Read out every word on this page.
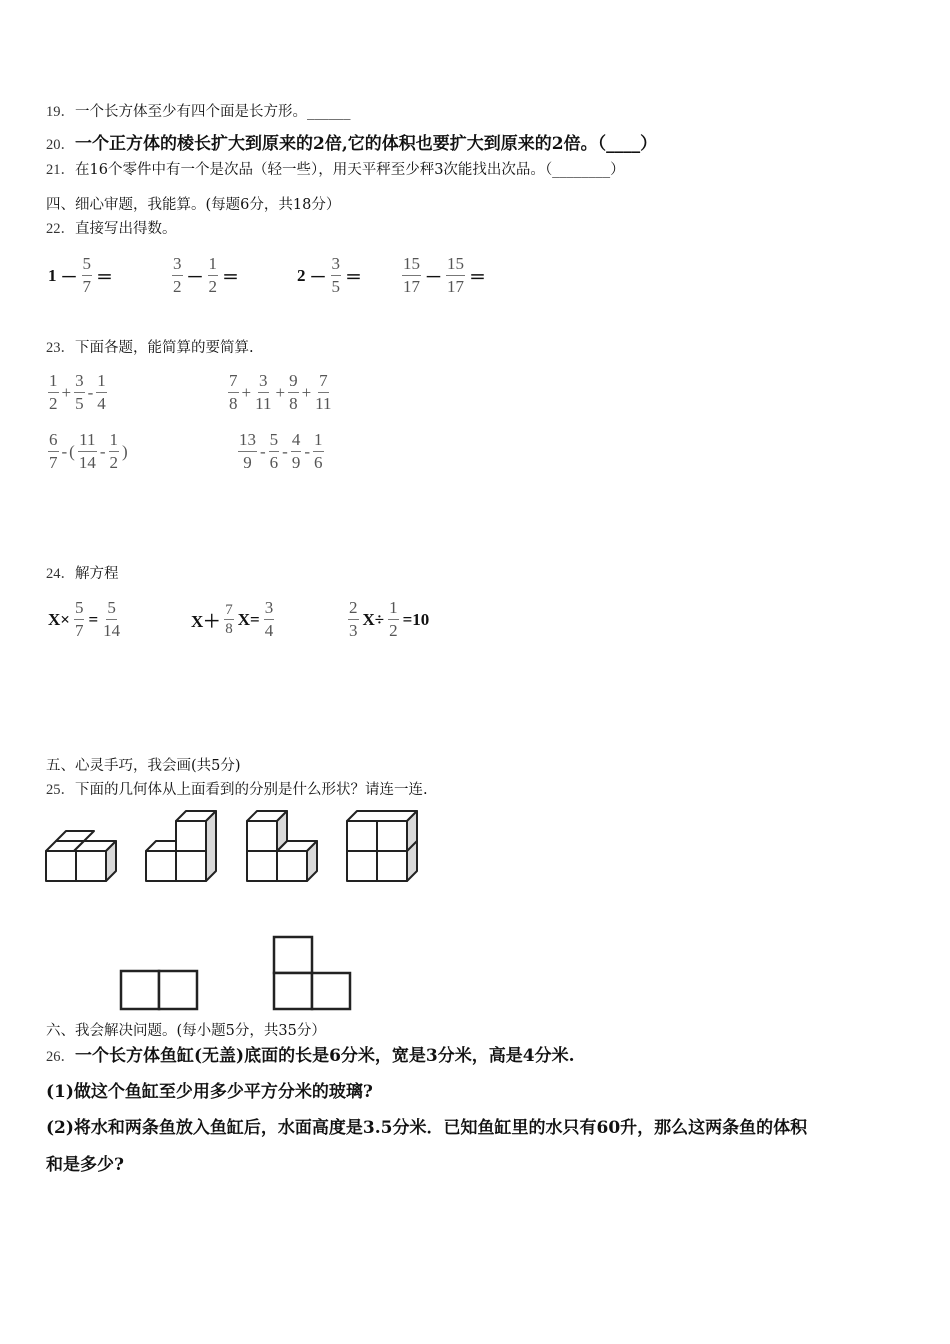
19．一个长方体至少有四个面是长方形。______
20．一个正方体的棱长扩大到原来的2倍,它的体积也要扩大到原来的2倍。（____）
21．在16个零件中有一个是次品（轻一些），用天平秤至少秤3次能找出次品。（________）
四、细心审题，我能算。(每题6分，共18分）
22．直接写出得数。
$1 - \frac{5}{7}$ ＝	$\frac{3}{2} - \frac{1}{2}$ ＝	$2 - \frac{3}{5} = \frac{15}{17} - \frac{15}{17}$ ＝
23．下面各题，能简算的要简算.
$\frac{1}{2} + \frac{3}{5} - \frac{1}{4}$	$\frac{7}{8} + \frac{3}{11} + \frac{9}{8} + \frac{7}{11}$
$\frac{6}{7}$ - ( $\frac{11}{14} - \frac{1}{2}$ )	$\frac{13}{9} - \frac{5}{6} - \frac{4}{9} - \frac{1}{6}$
24．解方程
$X\times \frac{5}{7} = \frac{5}{14}$	$X+ \frac{7}{8} X= \frac{3}{4}$	$\frac{2}{3} X\div \frac{1}{2} =10$
五、心灵手巧，我会画(共5分)
25．下面的几何体从上面看到的分别是什么形状？请连一连.
六、我会解决问题。(每小题5分，共35分）
26．一个长方体鱼缸(无盖)底面的长是6分米，宽是3分米，高是4分米.
(1)做这个鱼缸至少用多少平方分米的玻璃?
(2)将水和两条鱼放入鱼缸后，水面高度是3.5分米．已知鱼缸里的水只有60升，那么这两条鱼的体积
和是多少?
